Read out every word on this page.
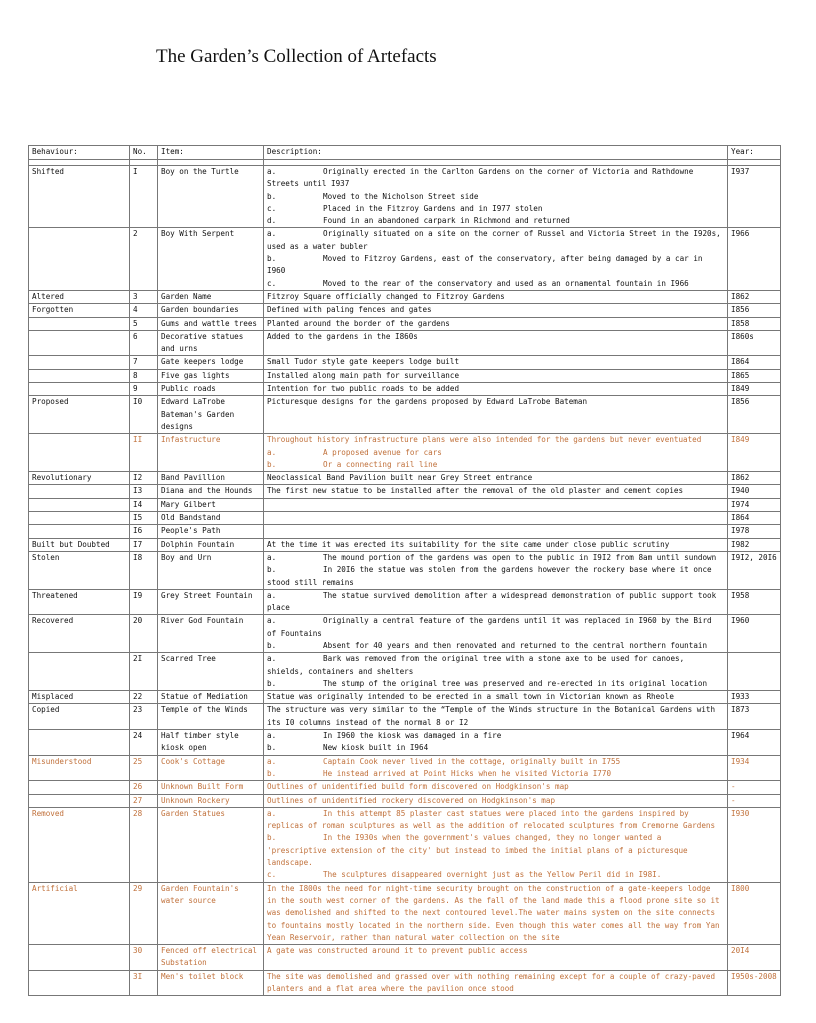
The Garden’s Collection of Artefacts
Behaviour:	No.	Item:	Description:	Year:

Shifted	I	Boy on the Turtle	a. Originally erected in the Carlton Gardens on the corner of Victoria and Rathdowne Streets until I937
b. Moved to the Nicholson Street side
c. Placed in the Fitzroy Gardens and in I977 stolen
d. Found in an abandoned carpark in Richmond and returned	I937
	2	Boy With Serpent	a. Originally situated on a site on the corner of Russel and Victoria Street in the I920s, used as a water bubler
b. Moved to Fitzroy Gardens, east of the conservatory, after being damaged by a car in I960
c. Moved to the rear of the conservatory and used as an ornamental fountain in I966	I966
Altered	3	Garden Name	Fitzroy Square officially changed to Fitzroy Gardens	I862
Forgotten	4	Garden boundaries	Defined with paling fences and gates	I856
	5	Gums and wattle trees	Planted around the border of the gardens	I858
	6	Decorative statues and urns	Added to the gardens in the I860s	I860s
	7	Gate keepers lodge	Small Tudor style gate keepers lodge built	I864
	8	Five gas lights	Installed along main path for surveillance	I865
	9	Public roads	Intention for two public roads to be added	I849
Proposed	I0	Edward LaTrobe Bateman's Garden designs	Picturesque designs for the gardens proposed by Edward LaTrobe Bateman	I856
	II	Infastructure	Throughout history infrastructure plans were also intended for the gardens but never eventuated
a. A proposed avenue for cars
b. Or a connecting rail line	I849
Revolutionary	I2	Band Pavillion	Neoclassical Band Pavilion built near Grey Street entrance	I862
	I3	Diana and the Hounds	The first new statue to be installed after the removal of the old plaster and cement copies	I940
	I4	Mary Gilbert		I974
	I5	Old Bandstand		I864
	I6	People's Path		I978
Built but Doubted	I7	Dolphin Fountain	At the time it was erected its suitability for the site came under close public scrutiny	I982
Stolen	I8	Boy and Urn	a. The mound portion of the gardens was open to the public in I9I2 from 8am until sundown
b. In 20I6 the statue was stolen from the gardens however the rockery base where it once stood still remains	I9I2, 20I6
Threatened	I9	Grey Street Fountain	a. The statue survived demolition after a widespread demonstration of public support took place	I958
Recovered	20	River God Fountain	a. Originally a central feature of the gardens until it was replaced in I960 by the Bird of Fountains
b. Absent for 40 years and then renovated and returned to the central northern fountain	I960
	2I	Scarred Tree	a. Bark was removed from the original tree with a stone axe to be used for canoes, shields, containers and shelters
b. The stump of the original tree was preserved and re-erected in its original location	

Misplaced	22	Statue of Mediation	Statue was originally intended to be erected in a small town in Victorian known as Rheole	I933
Copied	23	Temple of the Winds	The structure was very similar to the “Temple of the Winds structure in the Botanical Gardens with its I0 columns instead of the normal 8 or I2	I873
	24	Half timber style kiosk open	a. In I960 the kiosk was damaged in a fire
b. New kiosk built in I964	I964
Misunderstood	25	Cook's Cottage	a. Captain Cook never lived in the cottage, originally built in I755
b. He instead arrived at Point Hicks when he visited Victoria I770	I934
	26	Unknown Built Form	Outlines of unidentified build form discovered on Hodgkinson's map	-
	27	Unknown Rockery	Outlines of unidentified rockery discovered on Hodgkinson's map	-
Removed	28	Garden Statues	a. In this attempt 85 plaster cast statues were placed into the gardens inspired by replicas of roman sculptures as well as the addition of relocated sculptures from Cremorne Gardens
b. In the I930s when the government's values changed, they no longer wanted a 'prescriptive extension of the city' but instead to imbed the initial plans of a picturesque landscape.
c. The sculptures disappeared overnight just as the Yellow Peril did in I98I.	I930
Artificial	29	Garden Fountain's water source	In the I800s the need for night-time security brought on the construction of a gate-keepers lodge in the south west corner of the gardens. As the fall of the land made this a flood prone site so it was demolished and shifted to the next contoured level.The water mains system on the site connects to fountains mostly located in the northern side. Even though this water comes all the way from Yan Yean Reservoir, rather than natural water collection on the site	I800
	30	Fenced off electrical Substation	A gate was constructed around it to prevent public access	20I4
	3I	Men's toilet block	The site was demolished and grassed over with nothing remaining except for a couple of crazy-paved planters and a flat area where the pavilion once stood	I950s-2008
